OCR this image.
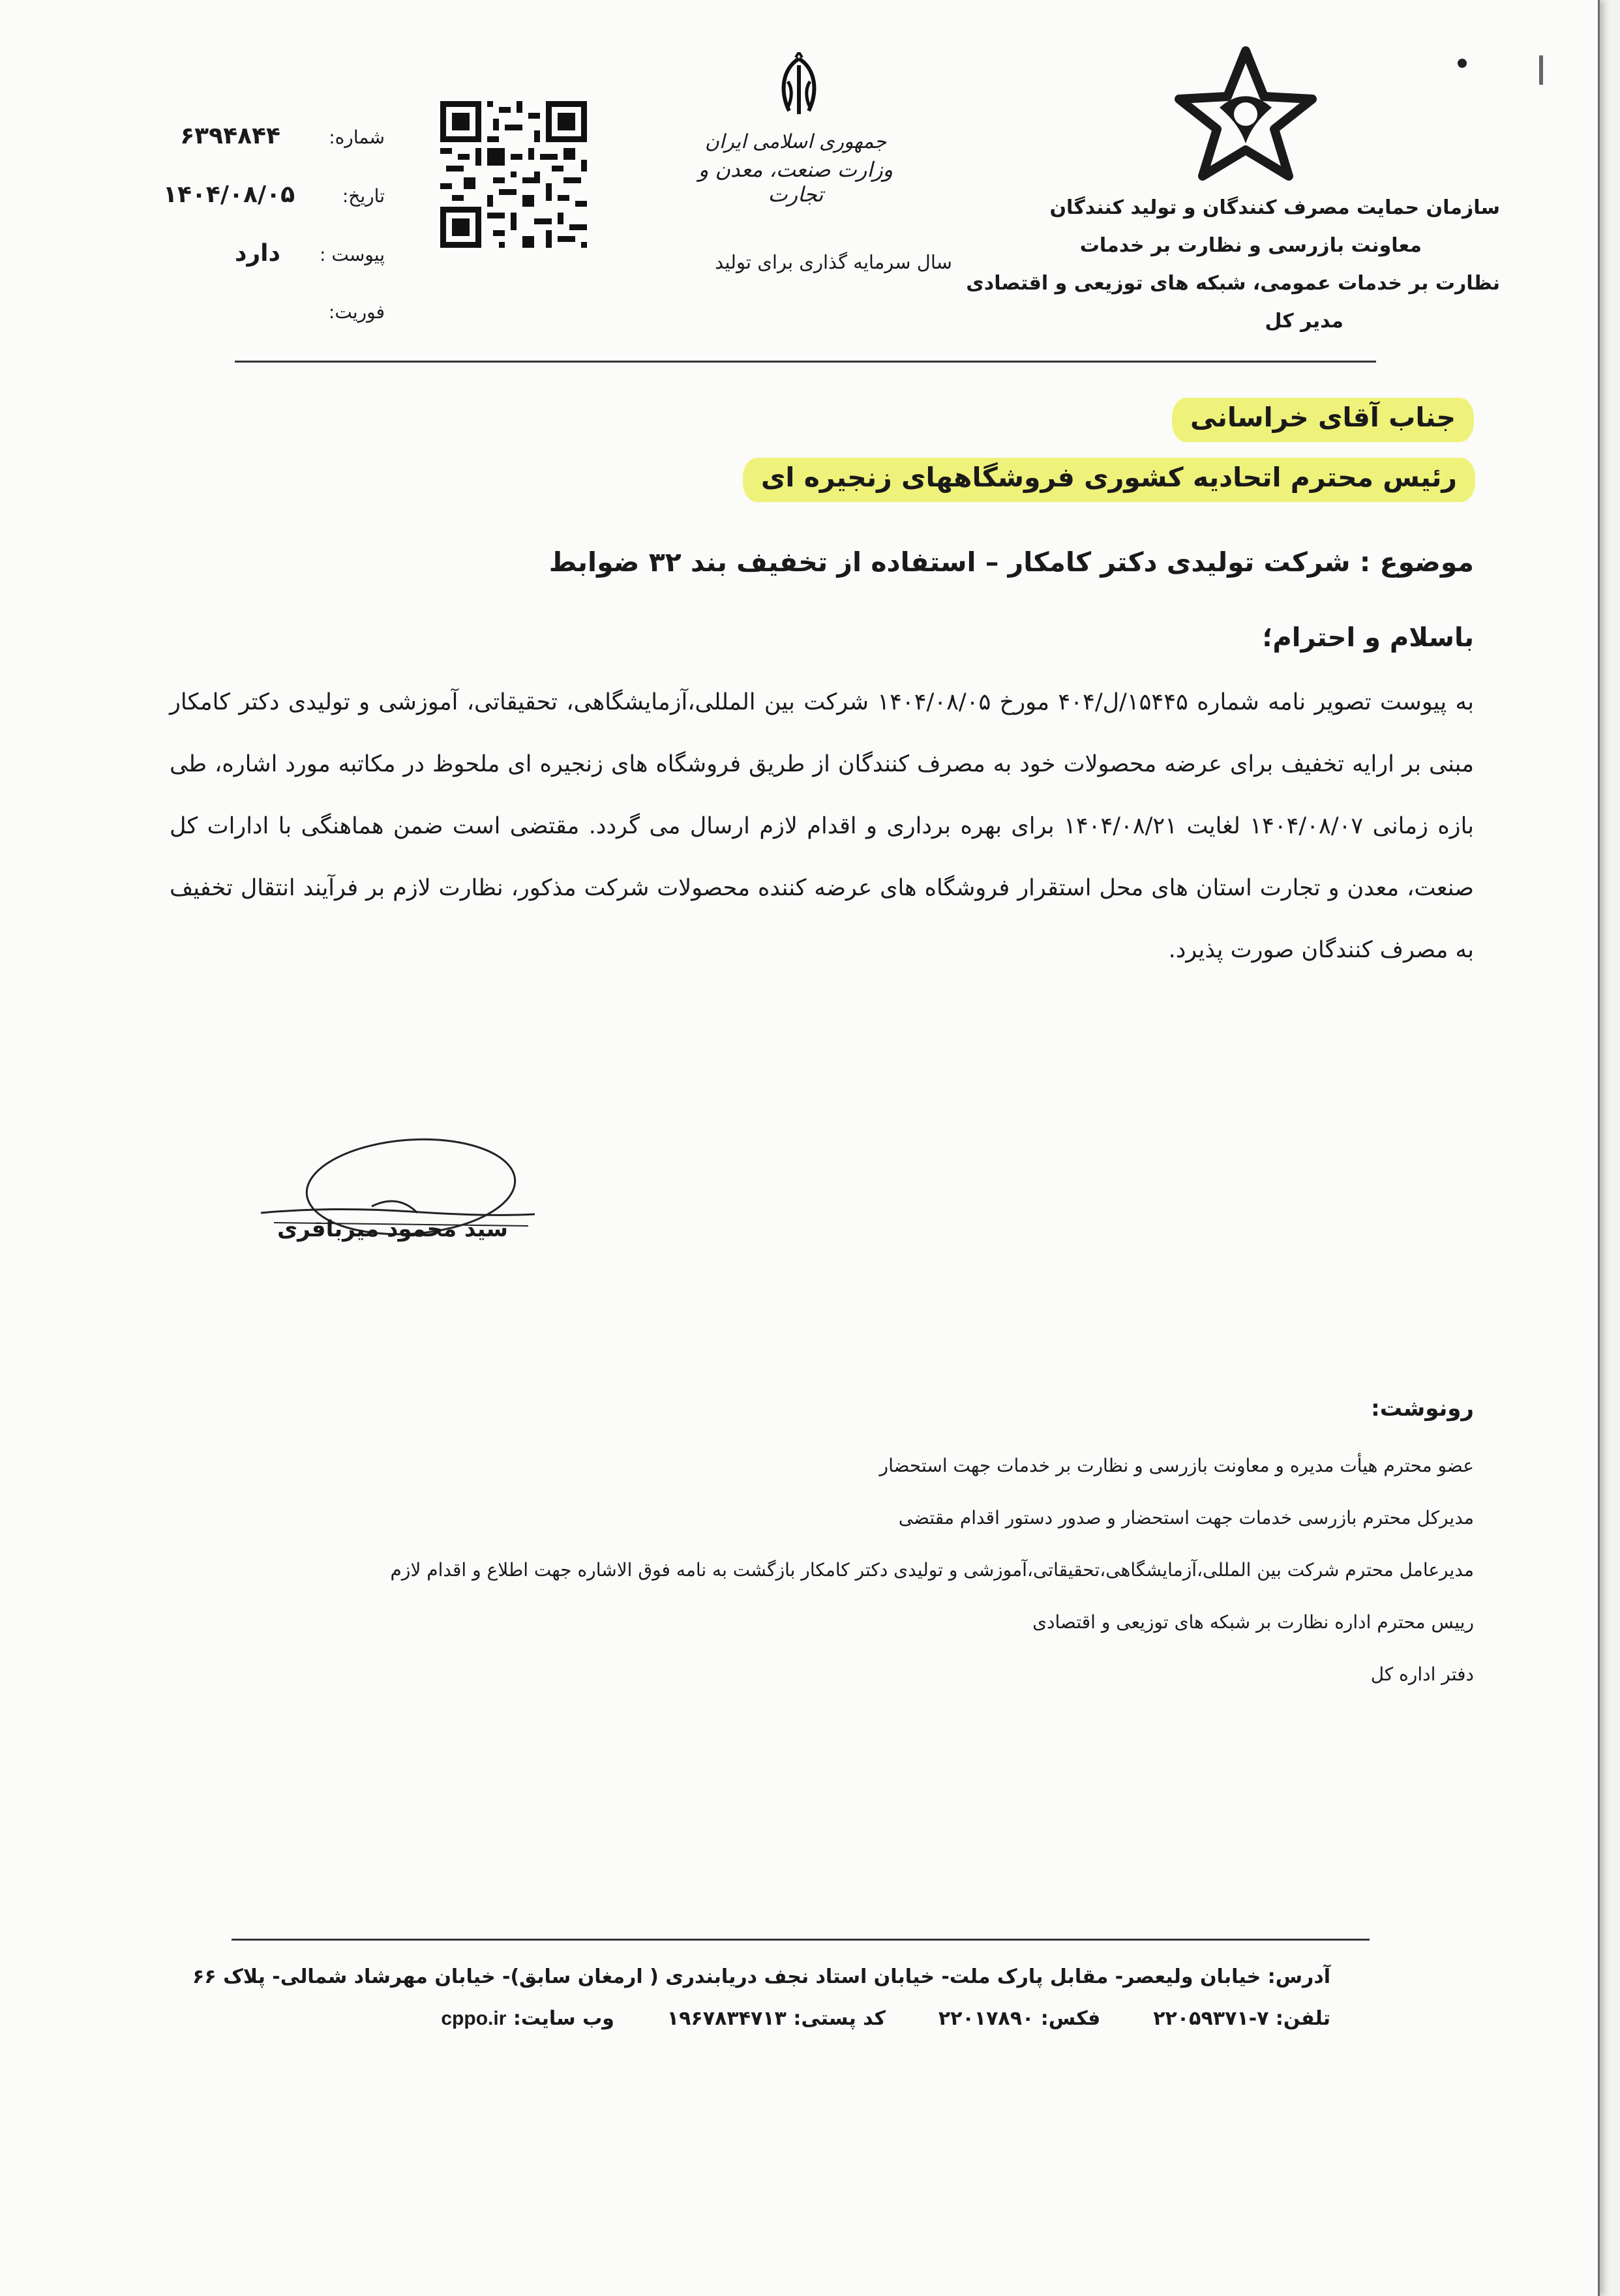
سازمان حمایت مصرف کنندگان و تولید کنندگان
معاونت بازرسی و نظارت بر خدمات
نظارت بر خدمات عمومی، شبکه های توزیعی و اقتصادی
مدیر کل
جمهوری اسلامی ایران
وزارت صنعت، معدن و تجارت
سال سرمایه گذاری برای تولید
شماره:
۶۳۹۴۸۴۴
تاریخ:
۱۴۰۴/۰۸/۰۵
پیوست :
دارد
فوریت:
جناب آقای خراسانی
رئیس محترم اتحادیه کشوری فروشگاههای زنجیره ای
موضوع : شرکت تولیدی دکتر کامکار – استفاده از تخفیف بند ۳۲ ضوابط
باسلام و احترام؛
به پیوست تصویر نامه شماره ۱۵۴۴۵/ل/۴۰۴ مورخ ۱۴۰۴/۰۸/۰۵ شرکت بین المللی،آزمایشگاهی، تحقیقاتی، آموزشی و تولیدی دکتر کامکار مبنی بر ارایه تخفیف برای عرضه محصولات خود به مصرف کنندگان از طریق فروشگاه های زنجیره ای ملحوظ در مکاتبه مورد اشاره، طی بازه زمانی ۱۴۰۴/۰۸/۰۷ لغایت ۱۴۰۴/۰۸/۲۱ برای بهره برداری و اقدام لازم ارسال می گردد. مقتضی است ضمن هماهنگی با ادارات کل صنعت، معدن و تجارت استان های محل استقرار فروشگاه های عرضه کننده محصولات شرکت مذکور، نظارت لازم بر فرآیند انتقال تخفیف به مصرف کنندگان صورت پذیرد.
سید محمود میرباقری
رونوشت:
عضو محترم هیأت مدیره و معاونت بازرسی و نظارت بر خدمات جهت استحضار
مدیرکل محترم بازرسی خدمات جهت استحضار و صدور دستور اقدام مقتضی
مدیرعامل محترم شرکت بین المللی،آزمایشگاهی،تحقیقاتی،آموزشی و تولیدی دکتر کامکار بازگشت به نامه فوق الاشاره جهت اطلاع و اقدام لازم
رییس محترم اداره نظارت بر شبکه های توزیعی و اقتصادی
دفتر اداره کل
آدرس: خیابان ولیعصر- مقابل پارک ملت- خیابان استاد نجف دریابندری ( ارمغان سابق)- خیابان مهرشاد شمالی- پلاک ۶۶
تلفن: ۷-۲۲۰۵۹۳۷۱  فکس: ۲۲۰۱۷۸۹۰  کد پستی: ۱۹۶۷۸۳۴۷۱۳  وب سایت: cppo.ir
